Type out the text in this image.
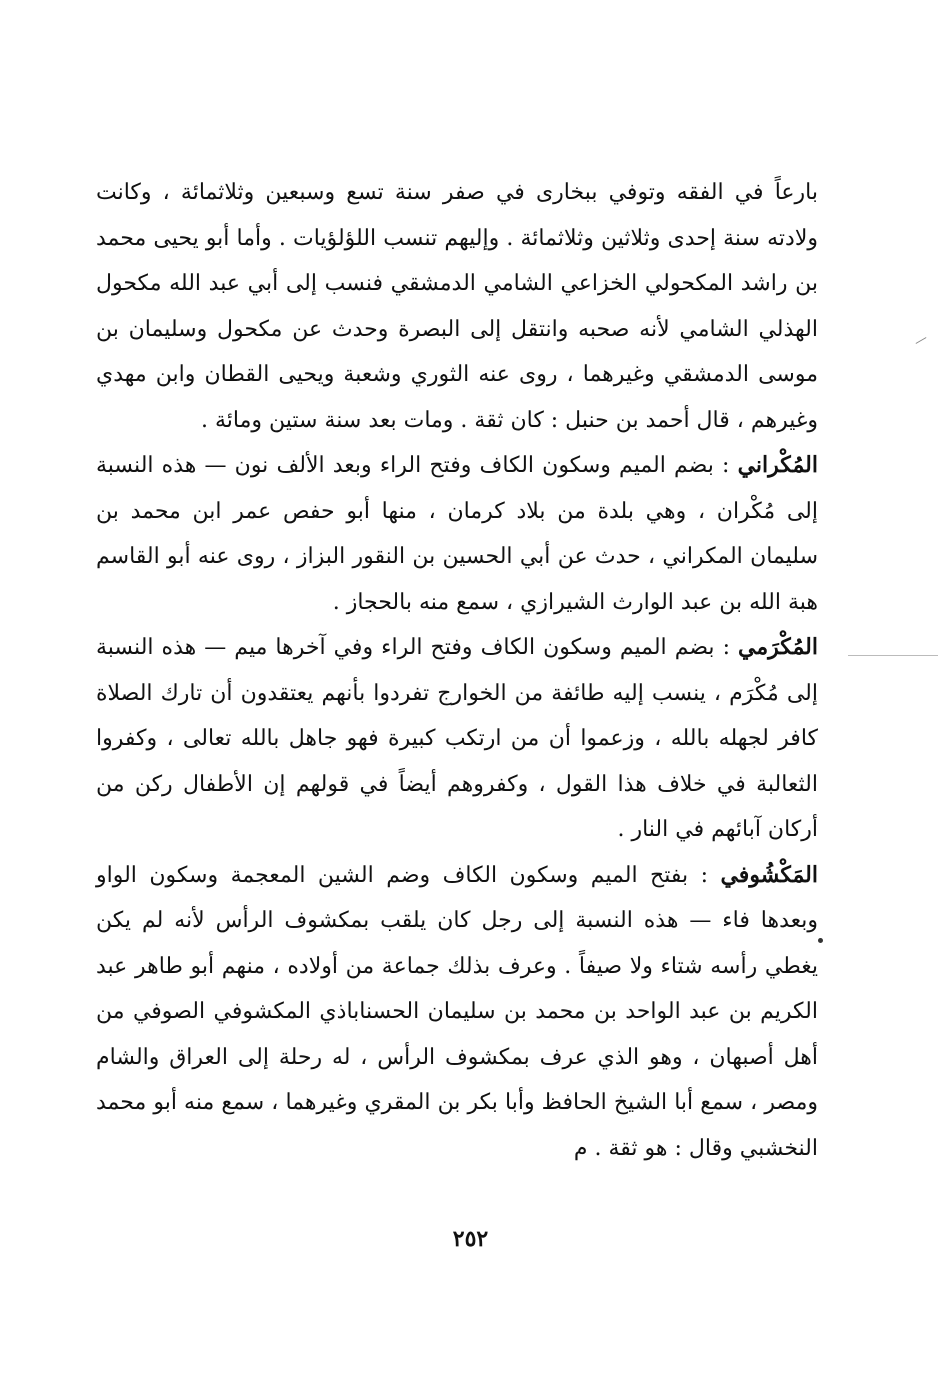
بارعاً في الفقه وتوفي ببخارى في صفر سنة تسع وسبعين وثلاثمائة ، وكانت ولادته سنة إحدى وثلاثين وثلاثمائة . وإليهم تنسب اللؤلؤيات . وأما أبو يحيى محمد بن راشد المكحولي الخزاعي الشامي الدمشقي فنسب إلى أبي عبد الله مكحول الهذلي الشامي لأنه صحبه وانتقل إلى البصرة وحدث عن مكحول وسليمان بن موسى الدمشقي وغيرهما ، روى عنه الثوري وشعبة ويحيى القطان وابن مهدي وغيرهم ، قال أحمد بن حنبل : كان ثقة . ومات بعد سنة ستين ومائة .

المُكْراني : بضم الميم وسكون الكاف وفتح الراء وبعد الألف نون — هذه النسبة إلى مُكْران ، وهي بلدة من بلاد كرمان ، منها أبو حفص عمر ابن محمد بن سليمان المكراني ، حدث عن أبي الحسين بن النقور البزاز ، روى عنه أبو القاسم هبة الله بن عبد الوارث الشيرازي ، سمع منه بالحجاز .

المُكْرَمي : بضم الميم وسكون الكاف وفتح الراء وفي آخرها ميم — هذه النسبة إلى مُكْرَم ، ينسب إليه طائفة من الخوارج تفردوا بأنهم يعتقدون أن تارك الصلاة كافر لجهله بالله ، وزعموا أن من ارتكب كبيرة فهو جاهل بالله تعالى ، وكفروا الثعالبة في خلاف هذا القول ، وكفروهم أيضاً في قولهم إن الأطفال ركن من أركان آبائهم في النار .

المَكْشُوفي : بفتح الميم وسكون الكاف وضم الشين المعجمة وسكون الواو وبعدها فاء — هذه النسبة إلى رجل كان يلقب بمكشوف الرأس لأنه لم يكن يغطي رأسه شتاء ولا صيفاً . وعرف بذلك جماعة من أولاده ، منهم أبو طاهر عبد الكريم بن عبد الواحد بن محمد بن سليمان الحسناباذي المكشوفي الصوفي من أهل أصبهان ، وهو الذي عرف بمكشوف الرأس ، له رحلة إلى العراق والشام ومصر ، سمع أبا الشيخ الحافظ وأبا بكر بن المقري وغيرهما ، سمع منه أبو محمد النخشبي وقال : هو ثقة . م

٢٥٢
